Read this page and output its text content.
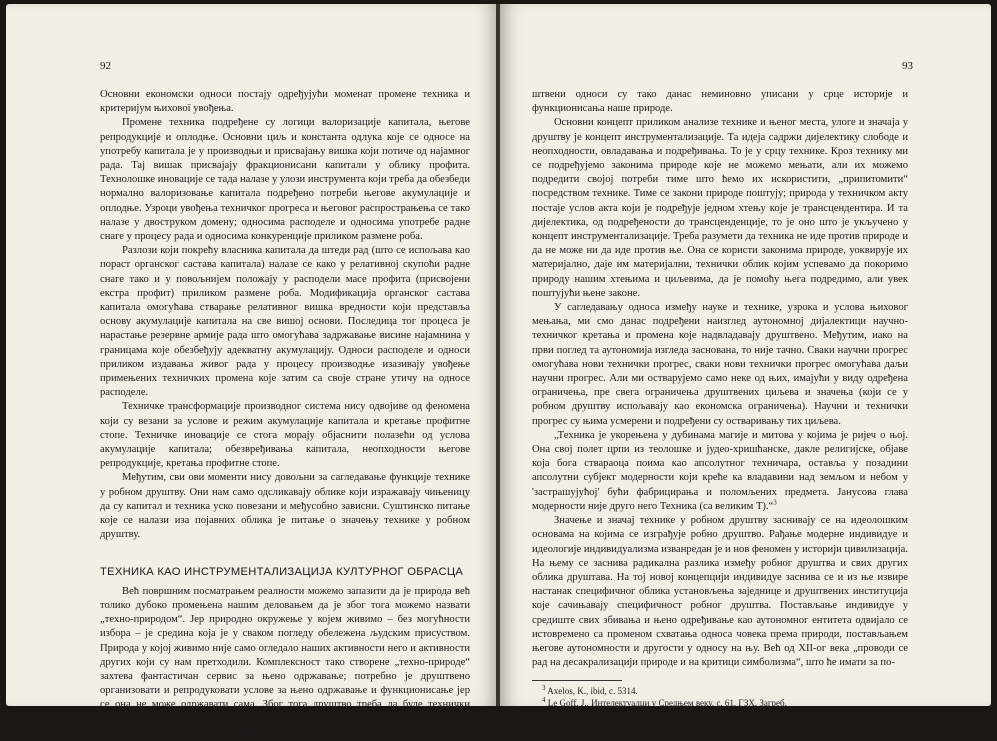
92

Основни економски односи постају одређујући моменат промене техника и критеријум њихової увођења.

Промене техника подређене су логици валоризације капитала, његове репродукције и оплодње. Основни циљ и константа одлука које се односе на употребу капитала је у производњи и присвајању вишка који потиче од најамног рада. Тај вишак присвајају фракционисани капитали у облику профита. Технолошке иновације се тада налазе у улози инструмента који треба да обезбеди нормално валоризовање капитала подређено потреби његове акумулације и оплодње. Узроци увођења техничког прогреса и његовог распрострањења се тако налазе у двоструком домену; односима расподеле и односима употребе радне снаге у процесу рада и односима конкуренције приликом размене роба.

Разлози који покрећу власника капитала да штеди рад (што се испољава као пораст органског састава капитала) налазе се како у релативној скупоћи радне снаге тако и у повољнијем положају у расподели масе профита (присвојени екстра профит) приликом размене роба. Модификација органског састава капитала омогућава стварање релативног вишка вредности који представља основу акумулације капитала на све вишој основи. Последица тог процеса је нарастање резервне армије рада што омогућава задржавање висине најамнина у границама које обезбеђују адекватну акумулацију. Односи расподеле и односи приликом издавања живог рада у процесу производње изазивају увођење примењених техничких промена које затим са своје стране утичу на односе расподеле.

Техничке трансформације производног система нису одвојиве од феномена који су везани за услове и режим акумулације капитала и кретање профитне стопе. Техничке иновације се стога морају објаснити полазећи од услова акумулације капитала; обезвређивања капитала, неопходности његове репродукције, кретања профитне стопе.

Међутим, сви ови моменти нису довољни за сагледавање функције технике у робном друштву. Они нам само одсликавају облике који изражавају чињеницу да су капитал и техника уско повезани и међусобно зависни. Суштинско питање које се налази иза појавних облика је питање о значењу технике у робном друштву.

ТЕХНИКА КАО ИНСТРУМЕНТАЛИЗАЦИЈА КУЛТУРНОГ ОБРАСЦА

Већ површним посматрањем реалности можемо запазити да је природа већ толико дубоко промењена нашим деловањем да је због тога можемо назвати „техно-природом“. Јер природно окружење у којем живимо – без могућности избора – је средина која је у сваком погледу обележена људским присуством. Природа у којој живимо није само огледало наших активности него и активности других који су нам претходили. Комплексност тако створене „техно-природе“ захтева фантастичан сервис за њено одржавање; потребно је друштвено организовати и репродуковати услове за њено одржавање и функционисање јер се она не може одржавати сама. Због тога друштво треба да буде технички структурирано да би непрекидно одржавало функционисање природе која је технички структурирана. Друштво и дру-

93

штвени односи су тако данас неминовно уписани у срце историје и функционисања наше природе.

Основни концепт приликом анализе технике и њеног места, улоге и значаја у друштву је концепт инструментализације. Та идеја садржи дијелектику слободе и неопходности, овладавања и подређивања. То је у срцу технике. Кроз технику ми се подређујемо законима природе које не можемо мењати, али их можемо подредити својој потреби тиме што ћемо их искористити, „припитомити“ посредством технике. Тиме се закони природе поштују; природа у техничком акту постаје услов акта који је подређује једном хтењу које је трансцендентира. И та дијелектика, од подређености до трансценденције, то је оно што је укључено у концепт инструментализације. Треба разумети да техника не иде против природе и да не може ни да иде против ње. Она се користи законима природе, уоквирује их материјално, даје им материјални, технички облик којим успевамо да покоримо природу нашим хтењима и циљевима, да је помоћу њега подредимо, али увек поштујући њене законе.

У сагледавању односа између науке и технике, узрока и услова њиховог мењања, ми смо данас подређени наизглед аутономној дијалектици научно-техничког кретања и промена које надвладавају друштвено. Међутим, иако на први поглед та аутономија изгледа заснована, то није тачно. Сваки научни прогрес омогућава нови технички прогрес, сваки нови технички прогрес омогућава даљи научни прогрес. Али ми остварујемо само неке од њих, имајући у виду одређена ограничења, пре свега ограничења друштвених циљева и значења (који се у робном друштву испољавају као економска ограничења). Научни и технички прогрес су њима усмерени и подређени су остваривању тих циљева.

„Техника је укорењена у дубинама магије и митова у којима је ријеч о њој. Она свој полет црпи из теолошке и јудео-хришћанске, дакле религијске, објаве која бога ствараоца поима као апсолутног техничара, остављa у позадини апсолутни субјект модерности који креће ка владавини над земљом и небом у 'застрашујућој' бући фабрицирања и поломљених предмета. Јанусова глава модерности није друго него Техника (са великим Т).“$^3$

Значење и значај технике у робном друштву заснивају се на идеолошким основама на којима се изграђује робно друштво. Рађање модерне индивидуе и идеологије индивидуализма изванредан је и нов феномен у историји цивилизација. На њему се заснива радикална разлика између робног друштва и свих других облика друштава. На тој новој концепцији индивидуе заснива се и из ње извире настанак специфичног облика установљења заједнице и друштвених институција које сачињавају специфичност робног друштва. Постављање индивидуе у средиште свих збивања и њено одређивање као аутономног ентитета одвијало се истовремено са променом схватања односа човека према природи, постављањем његове аутономности и другости у односу на њу. Већ од XII-ог века „проводи се рад на десакрализацији природе и на критици симболизма“, што ће имати за по-

$^3$ Axelos, K., ibid, с. 5314.
$^4$ Le Goff, J., Интелектуалци у Средњем веку, с. 61, ГЗХ, Загреб.
